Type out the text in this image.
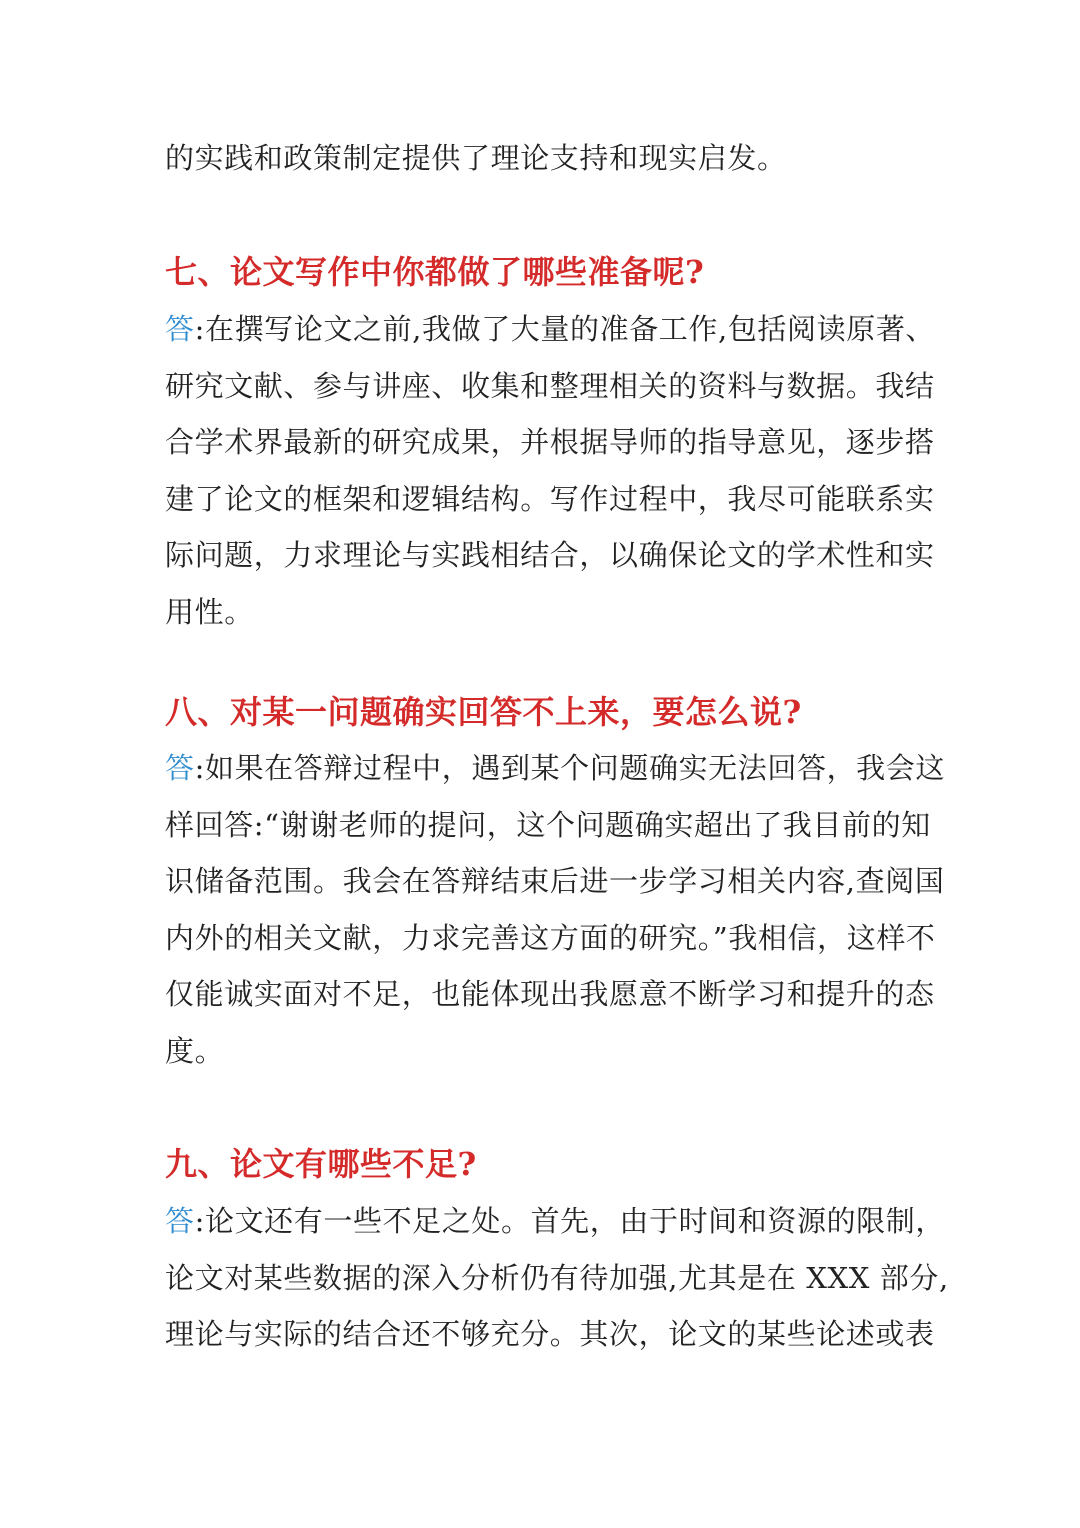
的实践和政策制定提供了理论支持和现实启发。
七、论文写作中你都做了哪些准备呢?
答:在撰写论文之前,我做了大量的准备工作,包括阅读原著、
研究文献、参与讲座、收集和整理相关的资料与数据。我结
合学术界最新的研究成果，并根据导师的指导意见，逐步搭
建了论文的框架和逻辑结构。写作过程中，我尽可能联系实
际问题，力求理论与实践相结合，以确保论文的学术性和实
用性。
八、对某一问题确实回答不上来，要怎么说?
答:如果在答辩过程中，遇到某个问题确实无法回答，我会这
样回答:“谢谢老师的提问，这个问题确实超出了我目前的知
识储备范围。我会在答辩结束后进一步学习相关内容,查阅国
内外的相关文献，力求完善这方面的研究。”我相信，这样不
仅能诚实面对不足，也能体现出我愿意不断学习和提升的态
度。
九、论文有哪些不足?
答:论文还有一些不足之处。首先，由于时间和资源的限制，
论文对某些数据的深入分析仍有待加强,尤其是在 XXX 部分,
理论与实际的结合还不够充分。其次，论文的某些论述或表
